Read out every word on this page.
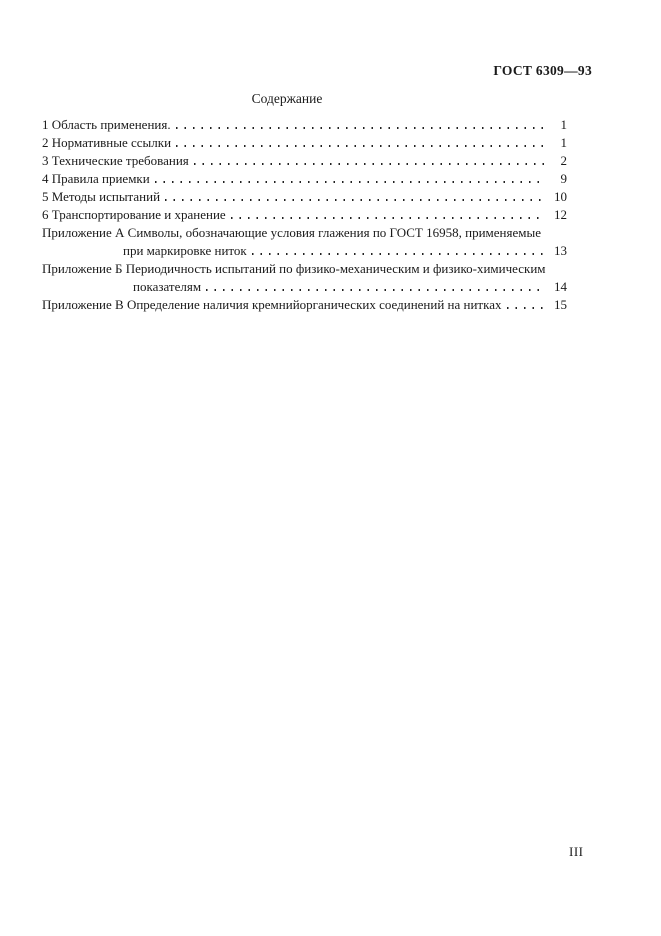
ГОСТ 6309—93
Содержание
1 Область применения.	1
2 Нормативные ссылки	1
3 Технические требования	2
4 Правила приемки	9
5 Методы испытаний	10
6 Транспортирование и хранение	12
Приложение А Символы, обозначающие условия глажения по ГОСТ 16958, применяемые
при маркировке ниток	13
Приложение Б Периодичность испытаний по физико-механическим и физико-химическим
показателям	14
Приложение В Определение наличия кремнийорганических соединений на нитках	15
III
